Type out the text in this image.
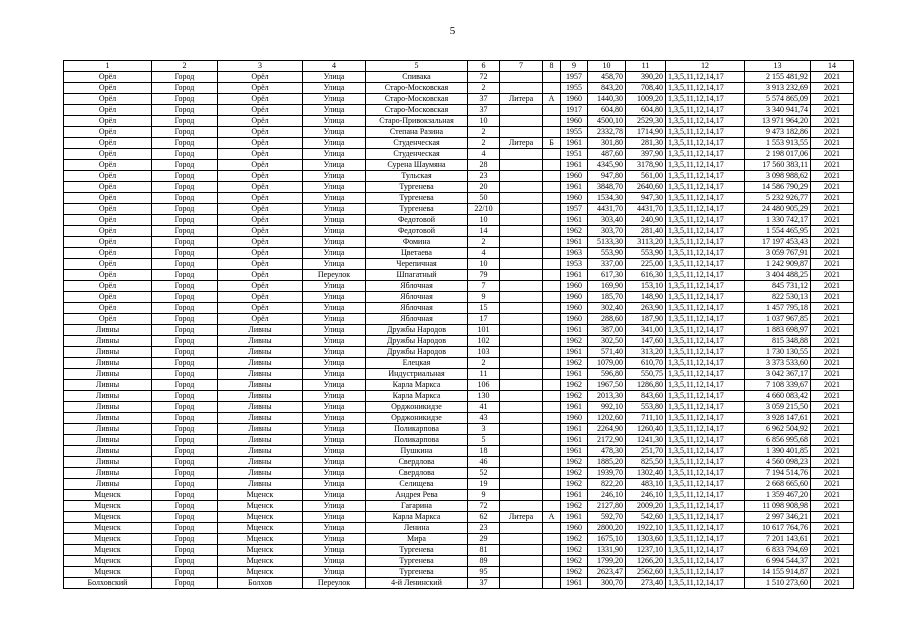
5
1	2	3	4	5	6	7	8	9	10	11	12	13	14
Орёл	Город	Орёл	Улица	Спивака	72			1957	458,70	390,20	1,3,5,11,12,14,17	2 155 481,92	2021
Орёл	Город	Орёл	Улица	Старо-Московская	2			1955	843,20	708,40	1,3,5,11,12,14,17	3 913 232,69	2021
Орёл	Город	Орёл	Улица	Старо-Московская	37	Литера	А	1960	1440,30	1009,20	1,3,5,11,12,14,17	5 574 865,09	2021
Орёл	Город	Орёл	Улица	Старо-Московская	37			1917	604,80	604,80	1,3,5,11,12,14,17	3 340 941,74	2021
Орёл	Город	Орёл	Улица	Старо-Привокзальная	10			1960	4500,10	2529,30	1,3,5,11,12,14,17	13 971 964,20	2021
Орёл	Город	Орёл	Улица	Степана Разина	2			1955	2332,78	1714,90	1,3,5,11,12,14,17	9 473 182,86	2021
Орёл	Город	Орёл	Улица	Студенческая	2	Литера	Б	1961	301,80	281,30	1,3,5,11,12,14,17	1 553 913,55	2021
Орёл	Город	Орёл	Улица	Студенческая	4			1951	487,60	397,90	1,3,5,11,12,14,17	2 198 017,06	2021
Орёл	Город	Орёл	Улица	Сурена Шаумяна	28			1961	4345,90	3178,90	1,3,5,11,12,14,17	17 560 383,11	2021
Орёл	Город	Орёл	Улица	Тульская	23			1960	947,80	561,00	1,3,5,11,12,14,17	3 098 988,62	2021
Орёл	Город	Орёл	Улица	Тургенева	20			1961	3848,70	2640,60	1,3,5,11,12,14,17	14 586 790,29	2021
Орёл	Город	Орёл	Улица	Тургенева	50			1960	1534,30	947,30	1,3,5,11,12,14,17	5 232 926,77	2021
Орёл	Город	Орёл	Улица	Тургенева	22/10			1957	4431,70	4431,70	1,3,5,11,12,14,17	24 480 905,29	2021
Орёл	Город	Орёл	Улица	Федотовой	10			1961	303,40	240,90	1,3,5,11,12,14,17	1 330 742,17	2021
Орёл	Город	Орёл	Улица	Федотовой	14			1962	303,70	281,40	1,3,5,11,12,14,17	1 554 465,95	2021
Орёл	Город	Орёл	Улица	Фомина	2			1961	5133,30	3113,20	1,3,5,11,12,14,17	17 197 453,43	2021
Орёл	Город	Орёл	Улица	Цветаева	4			1963	553,90	553,90	1,3,5,11,12,14,17	3 059 767,91	2021
Орёл	Город	Орёл	Улица	Черепичная	10			1953	337,00	225,00	1,3,5,11,12,14,17	1 242 909,87	2021
Орёл	Город	Орёл	Переулок	Шпагатный	79			1961	617,30	616,30	1,3,5,11,12,14,17	3 404 488,25	2021
Орёл	Город	Орёл	Улица	Яблочная	7			1960	169,90	153,10	1,3,5,11,12,14,17	845 731,12	2021
Орёл	Город	Орёл	Улица	Яблочная	9			1960	185,70	148,90	1,3,5,11,12,14,17	822 530,13	2021
Орёл	Город	Орёл	Улица	Яблочная	15			1960	302,40	263,90	1,3,5,11,12,14,17	1 457 795,18	2021
Орёл	Город	Орёл	Улица	Яблочная	17			1960	288,60	187,90	1,3,5,11,12,14,17	1 037 967,85	2021
Ливны	Город	Ливны	Улица	Дружбы Народов	101			1961	387,00	341,00	1,3,5,11,12,14,17	1 883 698,97	2021
Ливны	Город	Ливны	Улица	Дружбы Народов	102			1962	302,50	147,60	1,3,5,11,12,14,17	815 348,88	2021
Ливны	Город	Ливны	Улица	Дружбы Народов	103			1961	571,40	313,20	1,3,5,11,12,14,17	1 730 130,55	2021
Ливны	Город	Ливны	Улица	Елецкая	2			1962	1079,00	610,70	1,3,5,11,12,14,17	3 373 533,60	2021
Ливны	Город	Ливны	Улица	Индустриальная	11			1961	596,80	550,75	1,3,5,11,12,14,17	3 042 367,17	2021
Ливны	Город	Ливны	Улица	Карла Маркса	106			1962	1967,50	1286,80	1,3,5,11,12,14,17	7 108 339,67	2021
Ливны	Город	Ливны	Улица	Карла Маркса	130			1962	2013,30	843,60	1,3,5,11,12,14,17	4 660 083,42	2021
Ливны	Город	Ливны	Улица	Орджоникидзе	41			1961	992,10	553,80	1,3,5,11,12,14,17	3 059 215,50	2021
Ливны	Город	Ливны	Улица	Орджоникидзе	43			1960	1202,60	711,10	1,3,5,11,12,14,17	3 928 147,61	2021
Ливны	Город	Ливны	Улица	Поликарпова	3			1961	2264,90	1260,40	1,3,5,11,12,14,17	6 962 504,92	2021
Ливны	Город	Ливны	Улица	Поликарпова	5			1961	2172,90	1241,30	1,3,5,11,12,14,17	6 856 995,68	2021
Ливны	Город	Ливны	Улица	Пушкина	18			1961	478,30	251,70	1,3,5,11,12,14,17	1 390 401,85	2021
Ливны	Город	Ливны	Улица	Свердлова	46			1962	1885,20	825,50	1,3,5,11,12,14,17	4 560 098,23	2021
Ливны	Город	Ливны	Улица	Свердлова	52			1962	1939,70	1302,40	1,3,5,11,12,14,17	7 194 514,76	2021
Ливны	Город	Ливны	Улица	Селищева	19			1962	822,20	483,10	1,3,5,11,12,14,17	2 668 665,60	2021
Мценск	Город	Мценск	Улица	Андрея Рева	9			1961	246,10	246,10	1,3,5,11,12,14,17	1 359 467,20	2021
Мценск	Город	Мценск	Улица	Гагарина	72			1962	2127,80	2009,20	1,3,5,11,12,14,17	11 098 908,98	2021
Мценск	Город	Мценск	Улица	Карла Маркса	62	Литера	А	1961	592,70	542,60	1,3,5,11,12,14,17	2 997 346,21	2021
Мценск	Город	Мценск	Улица	Ленина	23			1960	2800,20	1922,10	1,3,5,11,12,14,17	10 617 764,76	2021
Мценск	Город	Мценск	Улица	Мира	29			1962	1675,10	1303,60	1,3,5,11,12,14,17	7 201 143,61	2021
Мценск	Город	Мценск	Улица	Тургенева	81			1962	1331,90	1237,10	1,3,5,11,12,14,17	6 833 794,69	2021
Мценск	Город	Мценск	Улица	Тургенева	89			1962	1799,20	1266,20	1,3,5,11,12,14,17	6 994 544,37	2021
Мценск	Город	Мценск	Улица	Тургенева	95			1962	2623,47	2562,60	1,3,5,11,12,14,17	14 155 914,87	2021
Болховский	Город	Болхов	Переулок	4-й Ленинский	37			1961	300,70	273,40	1,3,5,11,12,14,17	1 510 273,60	2021
